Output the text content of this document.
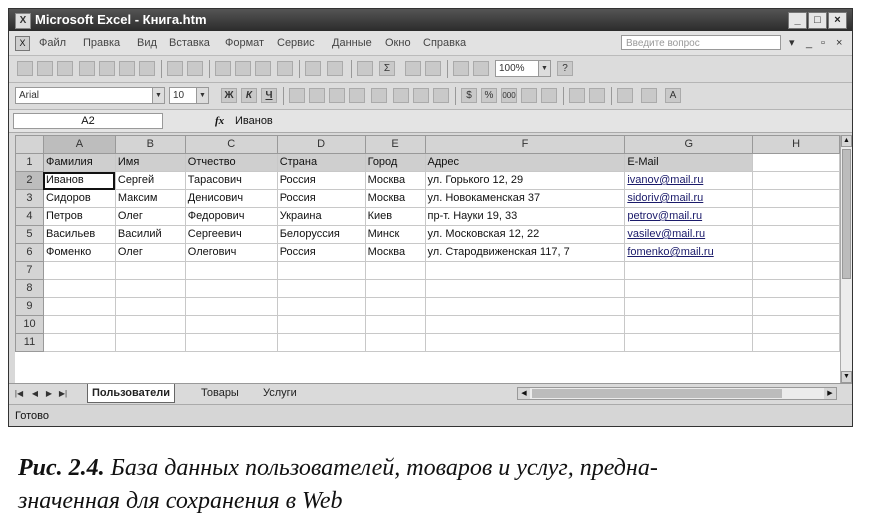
X Microsoft Excel - Книга.htm	_	□	×
X	Файл Правка Вид Вставка Формат Сервис Данные Окно Справка	Введите вопрос	▾ _ ▫ ×
Σ	100%	▼	?
Arial	▼	10	▼	Ж	К	Ч	$	%	000	A
A2	fx Иванов
	A	B	C	D	E	F	G	H
1	Фамилия	Имя	Отчество	Страна	Город	Адрес	E-Mail	
2	Иванов	Сергей	Тарасович	Россия	Москва	ул. Горького 12, 29	ivanov@mail.ru	
3	Сидоров	Максим	Денисович	Россия	Москва	ул. Новокаменская 37	sidoriv@mail.ru	
4	Петров	Олег	Федорович	Украина	Киев	пр-т. Науки 19, 33	petrov@mail.ru	
5	Васильев	Василий	Сергеевич	Белоруссия	Минск	ул. Московская 12, 22	vasilev@mail.ru	
6	Фоменко	Олег	Олегович	Россия	Москва	ул. Стародвиженская 117, 7	fomenko@mail.ru	
7								
8								
9								
10								
11								
▲
▼
|◀	◀ ▶ ▶|	Пользователи	Товары	Услуги	◀	▶
Готово
Рис. 2.4. База данных пользователей, товаров и услуг, предна-
значенная для сохранения в Web
